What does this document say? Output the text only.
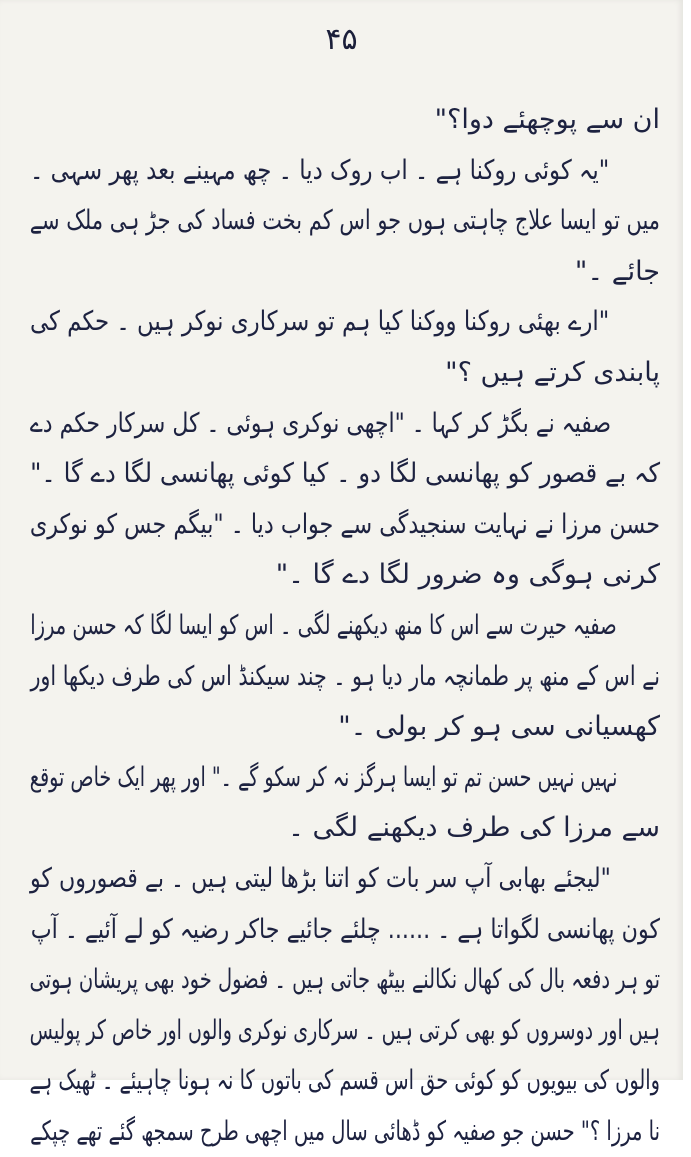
۴۵
ان سے پوچھئے دوا؟"
"یہ کوئی روکنا ہے ۔ اب روک دیا ۔ چھ مہینے بعد پھر سہی ۔
میں تو ایسا علاج چاہتی ہوں جو اس کم بخت فساد کی جڑ ہی ملک سے
جائے ۔"
"ارے بھئی روکنا ووکنا کیا ہم تو سرکاری نوکر ہیں ۔ حکم کی
پابندی کرتے ہیں ؟"
صفیہ نے بگڑ کر کہا ۔ "اچھی نوکری ہوئی ۔ کل سرکار حکم دے
کہ بے قصور کو پھانسی لگا دو ۔ کیا کوئی پھانسی لگا دے گا ۔"
حسن مرزا نے نہایت سنجیدگی سے جواب دیا ۔ "بیگم جس کو نوکری
کرنی ہوگی وہ ضرور لگا دے گا ۔"
صفیہ حیرت سے اس کا منھ دیکھنے لگی ۔ اس کو ایسا لگا کہ حسن مرزا
نے اس کے منھ پر طمانچہ مار دیا ہو ۔ چند سیکنڈ اس کی طرف دیکھا اور
کھسیانی سی ہو کر بولی ۔"
نہیں نہیں حسن تم تو ایسا ہرگز نہ کر سکو گے ۔" اور پھر ایک خاص توقع
سے مرزا کی طرف دیکھنے لگی ۔
"لیجئے بھابی آپ سر بات کو اتنا بڑھا لیتی ہیں ۔ بے قصوروں کو
کون پھانسی لگواتا ہے ۔ ...... چلئے جائیے جاکر رضیہ کو لے آئیے ۔ آپ
تو ہر دفعہ بال کی کھال نکالنے بیٹھ جاتی ہیں ۔ فضول خود بھی پریشان ہوتی
ہیں اور دوسروں کو بھی کرتی ہیں ۔ سرکاری نوکری والوں اور خاص کر پولیس
والوں کی بیویوں کو کوئی حق اس قسم کی باتوں کا نہ ہونا چاہیئے ۔ ٹھیک ہے
نا مرزا ؟" حسن جو صفیہ کو ڈھائی سال میں اچھی طرح سمجھ گئے تھے چپکے
